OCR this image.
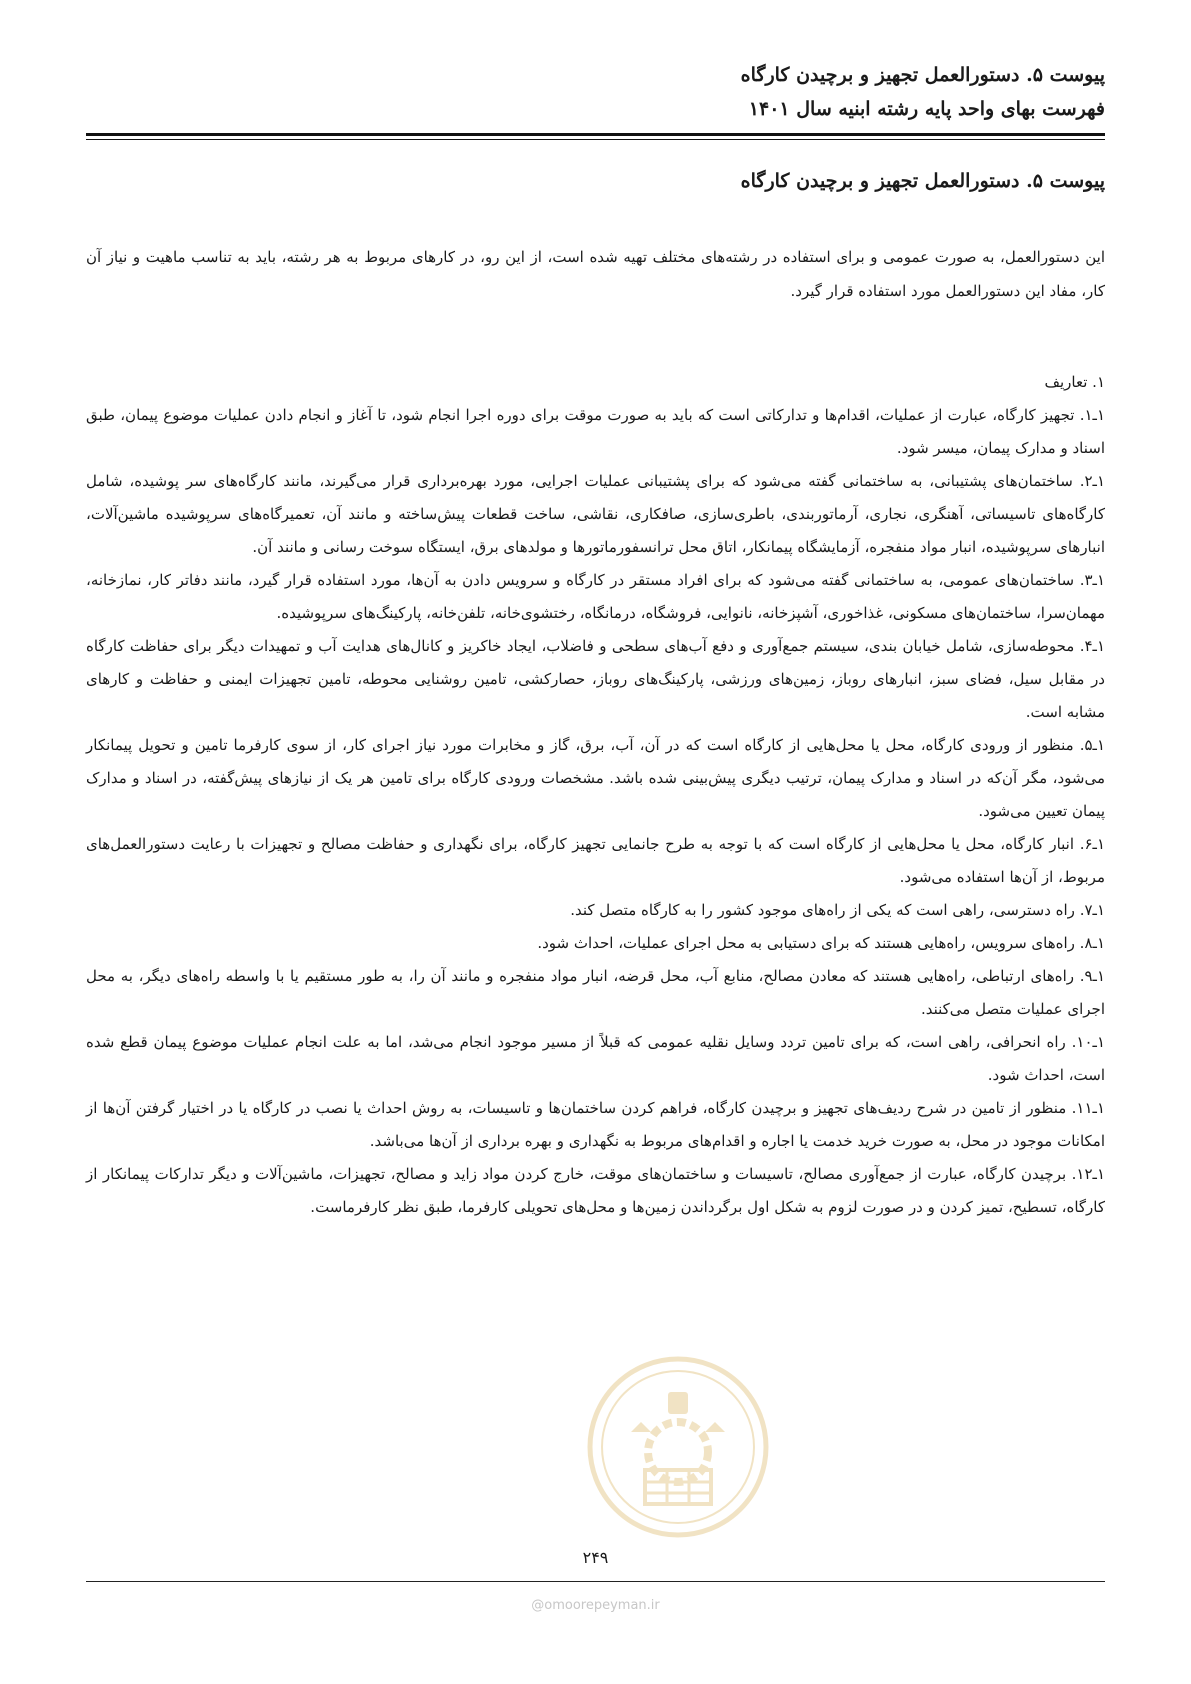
پیوست ۵. دستورالعمل تجهیز و برچیدن کارگاه
فهرست بهای واحد پایه رشته ابنیه سال ۱۴۰۱
پیوست ۵. دستورالعمل تجهیز و برچیدن کارگاه

این دستورالعمل، به صورت عمومی و برای استفاده در رشته‌های مختلف تهیه شده است، از این رو، در کارهای مربوط به هر رشته، باید به تناسب ماهیت و نیاز آن کار، مفاد این دستورالعمل مورد استفاده قرار گیرد.

۱. تعاریف

۱ـ۱. تجهیز کارگاه، عبارت از عملیات، اقدام‌ها و تدارکاتی است که باید به صورت موقت برای دوره اجرا انجام شود، تا آغاز و انجام دادن عملیات موضوع پیمان، طبق اسناد و مدارک پیمان، میسر شود.

۱ـ۲. ساختمان‌های پشتیبانی، به ساختمانی گفته می‌شود که برای پشتیبانی عملیات اجرایی، مورد بهره‌برداری قرار می‌گیرند، مانند کارگاه‌های سر پوشیده، شامل کارگاه‌های تاسیساتی، آهنگری، نجاری، آرماتوربندی، باطری‌سازی، صافکاری، نقاشی، ساخت قطعات پیش‌ساخته و مانند آن، تعمیرگاه‌های سرپوشیده ماشین‌آلات، انبارهای سرپوشیده، انبار مواد منفجره، آزمایشگاه پیمانکار، اتاق محل ترانسفورماتورها و مولدهای برق، ایستگاه سوخت رسانی و مانند آن.

۱ـ۳. ساختمان‌های عمومی، به ساختمانی گفته می‌شود که برای افراد مستقر در کارگاه و سرویس دادن به آن‌ها، مورد استفاده قرار گیرد، مانند دفاتر کار، نمازخانه، مهمان‌سرا، ساختمان‌های مسکونی، غذاخوری، آشپزخانه، نانوایی، فروشگاه، درمانگاه، رختشوی‌خانه، تلفن‌خانه، پارکینگ‌های سرپوشیده.

۱ـ۴. محوطه‌سازی، شامل خیابان بندی، سیستم جمع‌آوری و دفع آب‌های سطحی و فاضلاب، ایجاد خاکریز و کانال‌های هدایت آب و تمهیدات دیگر برای حفاظت کارگاه در مقابل سیل، فضای سبز، انبارهای روباز، زمین‌های ورزشی، پارکینگ‌های روباز، حصارکشی، تامین روشنایی محوطه، تامین تجهیزات ایمنی و حفاظت و کارهای مشابه است.

۱ـ۵. منظور از ورودی کارگاه، محل یا محل‌هایی از کارگاه است که در آن، آب، برق، گاز و مخابرات مورد نیاز اجرای کار، از سوی کارفرما تامین و تحویل پیمانکار می‌شود، مگر آن‌که در اسناد و مدارک پیمان، ترتیب دیگری پیش‌بینی شده باشد. مشخصات ورودی کارگاه برای تامین هر یک از نیازهای پیش‌گفته، در اسناد و مدارک پیمان تعیین می‌شود.

۱ـ۶. انبار کارگاه، محل یا محل‌هایی از کارگاه است که با توجه به طرح جانمایی تجهیز کارگاه، برای نگهداری و حفاظت مصالح و تجهیزات با رعایت دستورالعمل‌های مربوط، از آن‌ها استفاده می‌شود.

۱ـ۷. راه دسترسی، راهی است که یکی از راه‌های موجود کشور را به کارگاه متصل کند.

۱ـ۸. راه‌های سرویس، راه‌هایی هستند که برای دستیابی به محل اجرای عملیات، احداث شود.

۱ـ۹. راه‌های ارتباطی، راه‌هایی هستند که معادن مصالح، منابع آب، محل قرضه، انبار مواد منفجره و مانند آن را، به طور مستقیم یا با واسطه راه‌های دیگر، به محل اجرای عملیات متصل می‌کنند.

۱ـ۱۰. راه انحرافی، راهی است، که برای تامین تردد وسایل نقلیه عمومی که قبلاً از مسیر موجود انجام می‌شد، اما به علت انجام عملیات موضوع پیمان قطع شده است، احداث شود.

۱ـ۱۱. منظور از تامین در شرح ردیف‌های تجهیز و برچیدن کارگاه، فراهم کردن ساختمان‌ها و تاسیسات، به روش احداث یا نصب در کارگاه یا در اختیار گرفتن آن‌ها از امکانات موجود در محل، به صورت خرید خدمت یا اجاره و اقدام‌های مربوط به نگهداری و بهره برداری از آن‌ها می‌باشد.

۱ـ۱۲. برچیدن کارگاه، عبارت از جمع‌آوری مصالح، تاسیسات و ساختمان‌های موقت، خارج کردن مواد زاید و مصالح، تجهیزات، ماشین‌آلات و دیگر تدارکات پیمانکار از کارگاه، تسطیح، تمیز کردن و در صورت لزوم به شکل اول برگرداندن زمین‌ها و محل‌های تحویلی کارفرما، طبق نظر کارفرماست.

۲۴۹
@omoorepeyman.ir
